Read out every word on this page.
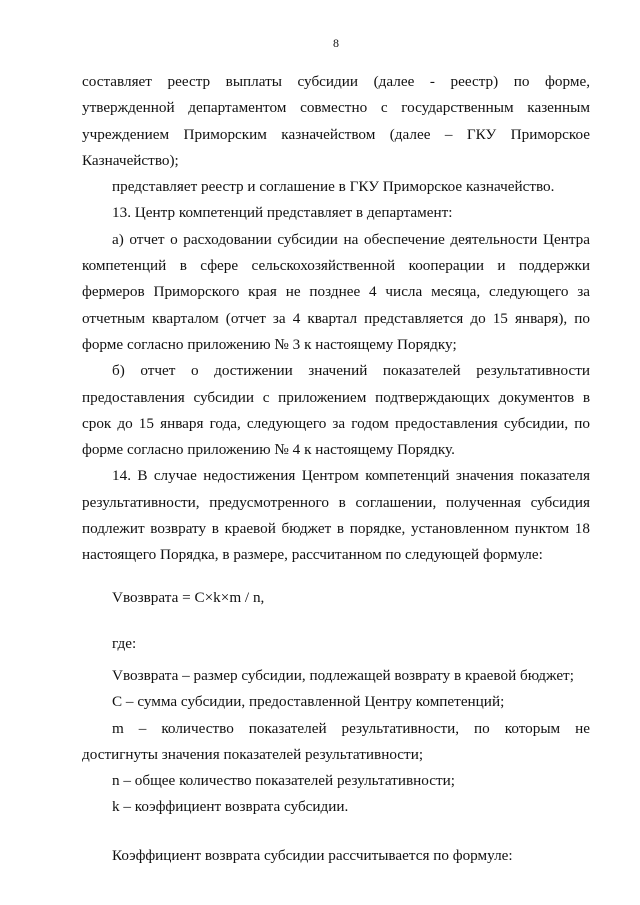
8

составляет реестр выплаты субсидии (далее - реестр) по форме, утвержденной департаментом совместно с государственным казенным учреждением Приморским казначейством (далее – ГКУ Приморское Казначейство);

представляет реестр и соглашение в ГКУ Приморское казначейство.

13. Центр компетенций представляет в департамент:

а) отчет о расходовании субсидии на обеспечение деятельности Центра компетенций в сфере сельскохозяйственной кооперации и поддержки фермеров Приморского края не позднее 4 числа месяца, следующего за отчетным кварталом (отчет за 4 квартал представляется до 15 января), по форме согласно приложению № 3 к настоящему Порядку;

б) отчет о достижении значений показателей результативности предоставления субсидии с приложением подтверждающих документов в срок до 15 января года, следующего за годом предоставления субсидии, по форме согласно приложению № 4 к настоящему Порядку.

14. В случае недостижения Центром компетенций значения показателя результативности, предусмотренного в соглашении, полученная субсидия подлежит возврату в краевой бюджет в порядке, установленном пунктом 18 настоящего Порядка, в размере, рассчитанном по следующей формуле:

Vвозврата = C×k×m / n,

где:

Vвозврата – размер субсидии, подлежащей возврату в краевой бюджет;

C – сумма субсидии, предоставленной Центру компетенций;

m – количество показателей результативности, по которым не достигнуты значения показателей результативности;

n – общее количество показателей результативности;

k – коэффициент возврата субсидии.

Коэффициент возврата субсидии рассчитывается по формуле:
